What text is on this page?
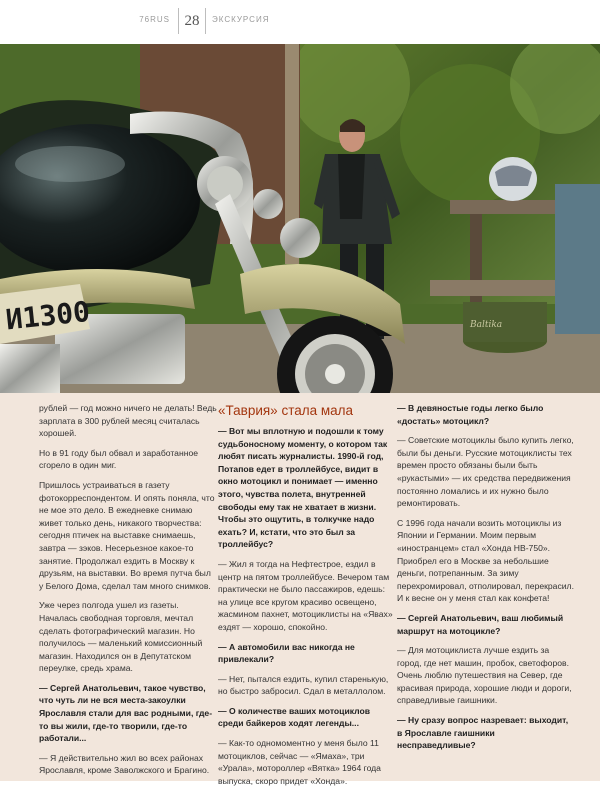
76RUS 28	ЭКСКУРСИЯ
Baltika
И1300

рублей — год можно ничего не делать! Ведь зарплата в 300 рублей месяц считалась хорошей.

Но в 91 году был обвал и заработанное сгорело в один миг.

Пришлось устраиваться в газету фотокорреспондентом. И опять поняла, что не мое это дело. В ежедневке снимаю живет только день, никакого творчества: сегодня птичек на выставке снимаешь, завтра — зэков. Несерьезное какое-то занятие. Продолжал ездить в Москву к друзьям, на выставки. Во время путча был у Белого Дома, сделал там много снимков.

Уже через полгода ушел из газеты. Началась свободная торговля, мечтал сделать фотографический магазин. Но получилось — маленький комиссионный магазин. Находился он в Депутатском переулке, средь храма.

— Сергей Анатольевич, такое чувство, что чуть ли не вся места-закоулки Ярославля стали для вас родными, где-то вы жили, где-то творили, где-то работали...

— Я действительно жил во всех районах Ярославля, кроме Заволжского и Брагино.

«Таврия» стала мала

— Вот мы вплотную и подошли к тому судьбоносному моменту, о котором так любят писать журналисты. 1990-й год, Потапов едет в троллейбусе, видит в окно мотоцикл и понимает — именно этого, чувства полета, внутренней свободы ему так не хватает в жизни. Чтобы это ощутить, в толкучке надо ехать? И, кстати, что это был за троллейбус?

— Жил я тогда на Нефтестрое, ездил в центр на пятом троллейбусе. Вечером там практически не было пассажиров, едешь: на улице все кругом красиво освещено, жасмином пахнет, мотоциклисты на «Явах» ездят — хорошо, спокойно.

— А автомобили вас никогда не привлекали?

— Нет, пытался ездить, купил старенькую, но быстро забросил. Сдал в металлолом.

— О количестве ваших мотоциклов среди байкеров ходят легенды...

— Как-то одномоментно у меня было 11 мотоциклов, сейчас — «Ямаха», три «Урала», мотороллер «Вятка» 1964 года выпуска, скоро придет «Хонда».

— В девяностые годы легко было «достать» мотоцикл?

— Советские мотоциклы было купить легко, были бы деньги. Русские мотоциклисты тех времен просто обязаны были быть «рукастыми» — их средства передвижения постоянно ломались и их нужно было ремонтировать.

С 1996 года начали возить мотоциклы из Японии и Германии. Моим первым «иностранцем» стал «Хонда HB-750». Приобрел его в Москве за небольшие деньги, потрепанным. За зиму перехромировал, отполировал, перекрасил. И к весне он у меня стал как конфета!

— Сергей Анатольевич, ваш любимый маршрут на мотоцикле?

— Для мотоциклиста лучше ездить за город, где нет машин, пробок, светофоров. Очень люблю путешествия на Север, где красивая природа, хорошие люди и дороги, справедливые гаишники.

— Ну сразу вопрос назревает: выходит, в Ярославле гаишники несправедливые?
